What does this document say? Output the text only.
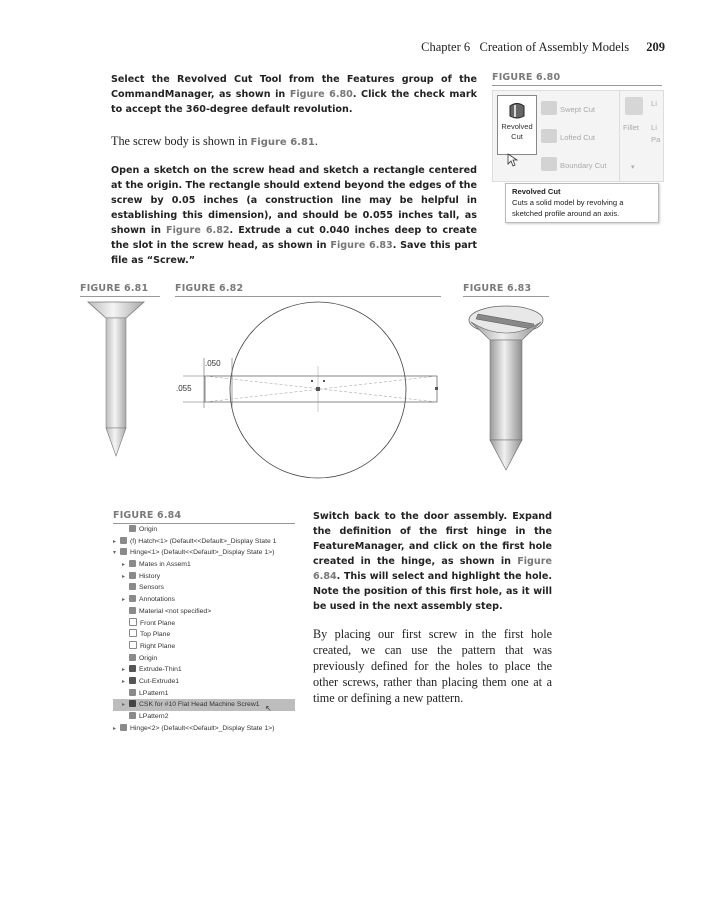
Chapter 6 Creation of Assembly Models 209
Select the Revolved Cut Tool from the Features group of the CommandManager, as shown in Figure 6.80. Click the check mark to accept the 360-degree default revolution.
The screw body is shown in Figure 6.81.
Open a sketch on the screw head and sketch a rectangle centered at the origin. The rectangle should extend beyond the edges of the screw by 0.05 inches (a construction line may be helpful in establishing this dimension), and should be 0.055 inches tall, as shown in Figure 6.82. Extrude a cut 0.040 inches deep to create the slot in the screw head, as shown in Figure 6.83. Save this part file as “Screw.”
FIGURE 6.80
Revolved Cut
Swept Cut
Lofted Cut
Boundary Cut
Fillet
Li
Li
Pa
▾
Revolved Cut
Cuts a solid model by revolving a sketched profile around an axis.
FIGURE 6.81	FIGURE 6.82	FIGURE 6.83
.050
.055
FIGURE 6.84
Origin
▸ (f) Hatch<1> (Default<<Default>_Display State 1
▾ Hinge<1> (Default<<Default>_Display State 1>)
▸ Mates in Assem1
▸ History
Sensors
▸ Annotations
Material <not specified>
Front Plane
Top Plane
Right Plane
Origin
▸ Extrude-Thin1
▸ Cut-Extrude1
LPattern1
▸ CSK for #10 Flat Head Machine Screw1 ↖
LPattern2
▸ Hinge<2> (Default<<Default>_Display State 1>)
Switch back to the door assembly. Expand the definition of the first hinge in the FeatureManager, and click on the first hole created in the hinge, as shown in Figure 6.84. This will select and highlight the hole. Note the position of this first hole, as it will be used in the next assembly step.
By placing our first screw in the first hole created, we can use the pattern that was previously defined for the holes to place the other screws, rather than placing them one at a time or defining a new pattern.
